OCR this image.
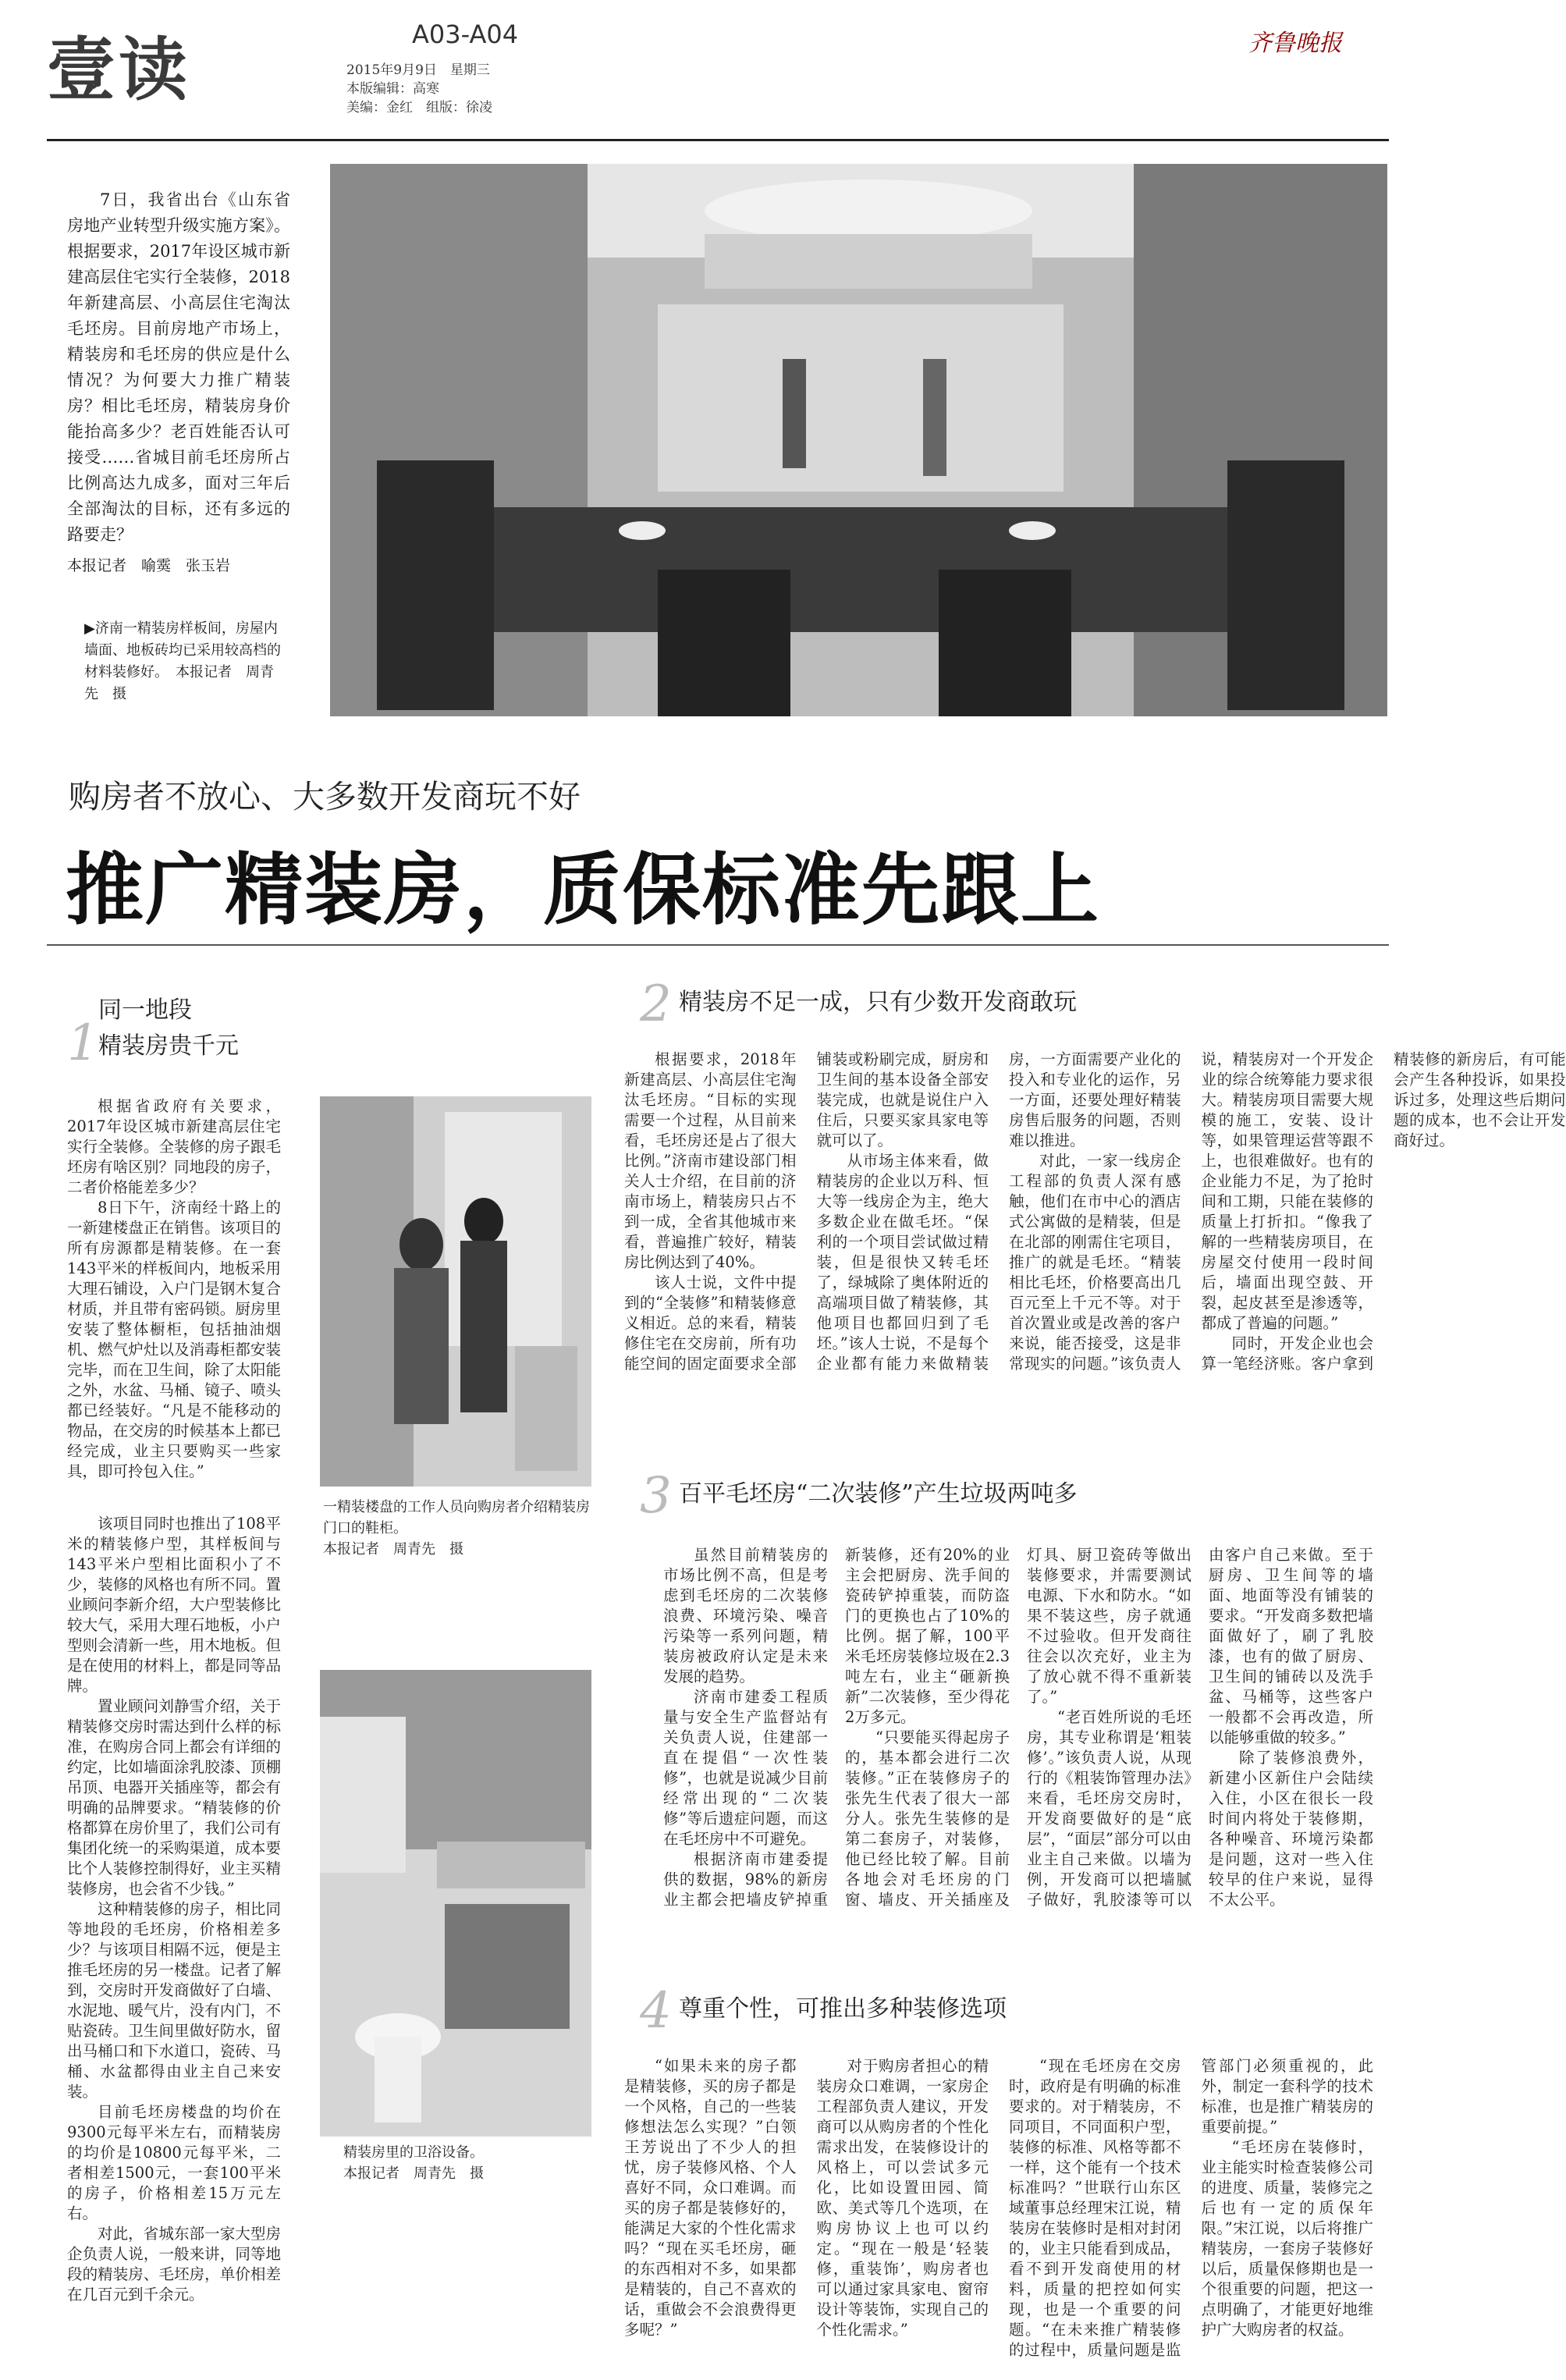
壹读	A03-A04
2015年9月9日　星期三
本版编辑：高寒
美编：金红　组版：徐凌
齐鲁晚报
7日，我省出台《山东省房地产业转型升级实施方案》。根据要求，2017年设区城市新建高层住宅实行全装修，2018年新建高层、小高层住宅淘汰毛坯房。目前房地产市场上，精装房和毛坯房的供应是什么情况？为何要大力推广精装房？相比毛坯房，精装房身价能抬高多少？老百姓能否认可接受……省城目前毛坯房所占比例高达九成多，面对三年后全部淘汰的目标，还有多远的路要走？
本报记者　喻霙　张玉岩
▶济南一精装房样板间，房屋内墙面、地板砖均已采用较高档的材料装修好。　本报记者　周青先　摄
购房者不放心、大多数开发商玩不好
推广精装房，质保标准先跟上
1
同一地段
精装房贵千元

根据省政府有关要求，2017年设区城市新建高层住宅实行全装修。全装修的房子跟毛坯房有啥区别？同地段的房子，二者价格能差多少？

8日下午，济南经十路上的一新建楼盘正在销售。该项目的所有房源都是精装修。在一套143平米的样板间内，地板采用大理石铺设，入户门是钢木复合材质，并且带有密码锁。厨房里安装了整体橱柜，包括抽油烟机、燃气炉灶以及消毒柜都安装完毕，而在卫生间，除了太阳能之外，水盆、马桶、镜子、喷头都已经装好。“凡是不能移动的物品，在交房的时候基本上都已经完成，业主只要购买一些家具，即可拎包入住。”

该项目同时也推出了108平米的精装修户型，其样板间与143平米户型相比面积小了不少，装修的风格也有所不同。置业顾问李新介绍，大户型装修比较大气，采用大理石地板，小户型则会清新一些，用木地板。但是在使用的材料上，都是同等品牌。

置业顾问刘静雪介绍，关于精装修交房时需达到什么样的标准，在购房合同上都会有详细的约定，比如墙面涂乳胶漆、顶棚吊顶、电器开关插座等，都会有明确的品牌要求。“精装修的价格都算在房价里了，我们公司有集团化统一的采购渠道，成本要比个人装修控制得好，业主买精装修房，也会省不少钱。”

这种精装修的房子，相比同等地段的毛坯房，价格相差多少？与该项目相隔不远，便是主推毛坯房的另一楼盘。记者了解到，交房时开发商做好了白墙、水泥地、暖气片，没有内门，不贴瓷砖。卫生间里做好防水，留出马桶口和下水道口，瓷砖、马桶、水盆都得由业主自己来安装。

目前毛坯房楼盘的均价在9300元每平米左右，而精装房的均价是10800元每平米，二者相差1500元，一套100平米的房子，价格相差15万元左右。

对此，省城东部一家大型房企负责人说，一般来讲，同等地段的精装房、毛坯房，单价相差在几百元到千余元。

一精装楼盘的工作人员向购房者介绍精装房门口的鞋柜。
本报记者　周青先　摄
精装房里的卫浴设备。
本报记者　周青先　摄
2 精装房不足一成，只有少数开发商敢玩

根据要求，2018年新建高层、小高层住宅淘汰毛坯房。“目标的实现需要一个过程，从目前来看，毛坯房还是占了很大比例。”济南市建设部门相关人士介绍，在目前的济南市场上，精装房只占不到一成，全省其他城市来看，普遍推广较好，精装房比例达到了40%。

该人士说，文件中提到的“全装修”和精装修意义相近。总的来看，精装修住宅在交房前，所有功能空间的固定面要求全部铺装或粉刷完成，厨房和卫生间的基本设备全部安装完成，也就是说住户入住后，只要买家具家电等就可以了。

从市场主体来看，做精装房的企业以万科、恒大等一线房企为主，绝大多数企业在做毛坯。“保利的一个项目尝试做过精装，但是很快又转毛坯了，绿城除了奥体附近的高端项目做了精装修，其他项目也都回归到了毛坯。”该人士说，不是每个企业都有能力来做精装房，一方面需要产业化的投入和专业化的运作，另一方面，还要处理好精装房售后服务的问题，否则难以推进。

对此，一家一线房企工程部的负责人深有感触，他们在市中心的酒店式公寓做的是精装，但是在北部的刚需住宅项目，推广的就是毛坯。“精装相比毛坯，价格要高出几百元至上千元不等。对于首次置业或是改善的客户来说，能否接受，这是非常现实的问题。”该负责人说，精装房对一个开发企业的综合统筹能力要求很大。精装房项目需要大规模的施工，安装、设计等，如果管理运营等跟不上，也很难做好。也有的企业能力不足，为了抢时间和工期，只能在装修的质量上打折扣。“像我了解的一些精装房项目，在房屋交付使用一段时间后，墙面出现空鼓、开裂，起皮甚至是渗透等，都成了普遍的问题。”

同时，开发企业也会算一笔经济账。客户拿到精装修的新房后，有可能会产生各种投诉，如果投诉过多，处理这些后期问题的成本，也不会让开发商好过。

3 百平毛坯房“二次装修”产生垃圾两吨多

虽然目前精装房的市场比例不高，但是考虑到毛坯房的二次装修浪费、环境污染、噪音污染等一系列问题，精装房被政府认定是未来发展的趋势。

济南市建委工程质量与安全生产监督站有关负责人说，住建部一直在提倡“一次性装修”，也就是说减少目前经常出现的“二次装修”等后遗症问题，而这在毛坯房中不可避免。

根据济南市建委提供的数据，98%的新房业主都会把墙皮铲掉重新装修，还有20%的业主会把厨房、洗手间的瓷砖铲掉重装，而防盗门的更换也占了10%的比例。据了解，100平米毛坯房装修垃圾在2.3吨左右，业主“砸新换新”二次装修，至少得花2万多元。

“只要能买得起房子的，基本都会进行二次装修。”正在装修房子的张先生代表了很大一部分人。张先生装修的是第二套房子，对装修，他已经比较了解。目前各地会对毛坯房的门窗、墙皮、开关插座及灯具、厨卫瓷砖等做出装修要求，并需要测试电源、下水和防水。“如果不装这些，房子就通不过验收。但开发商往往会以次充好，业主为了放心就不得不重新装了。”

“老百姓所说的毛坯房，其专业称谓是‘粗装修’。”该负责人说，从现行的《粗装饰管理办法》来看，毛坯房交房时，开发商要做好的是“底层”，“面层”部分可以由业主自己来做。以墙为例，开发商可以把墙腻子做好，乳胶漆等可以由客户自己来做。至于厨房、卫生间等的墙面、地面等没有铺装的要求。“开发商多数把墙面做好了，刷了乳胶漆，也有的做了厨房、卫生间的铺砖以及洗手盆、马桶等，这些客户一般都不会再改造，所以能够重做的较多。”

除了装修浪费外，新建小区新住户会陆续入住，小区在很长一段时间内将处于装修期，各种噪音、环境污染都是问题，这对一些入住较早的住户来说，显得不太公平。

4 尊重个性，可推出多种装修选项

“如果未来的房子都是精装修，买的房子都是一个风格，自己的一些装修想法怎么实现？”白领王芳说出了不少人的担忧，房子装修风格、个人喜好不同，众口难调。而买的房子都是装修好的，能满足大家的个性化需求吗？“现在买毛坯房，砸的东西相对不多，如果都是精装的，自己不喜欢的话，重做会不会浪费得更多呢？”

对于购房者担心的精装房众口难调，一家房企工程部负责人建议，开发商可以从购房者的个性化需求出发，在装修设计的风格上，可以尝试多元化，比如设置田园、简欧、美式等几个选项，在购房协议上也可以约定。“现在一般是‘轻装修，重装饰’，购房者也可以通过家具家电、窗帘设计等装饰，实现自己的个性化需求。”

“现在毛坯房在交房时，政府是有明确的标准要求的。对于精装房，不同项目，不同面积户型，装修的标准、风格等都不一样，这个能有一个技术标准吗？”世联行山东区域董事总经理宋江说，精装房在装修时是相对封闭的，业主只能看到成品，看不到开发商使用的材料，质量的把控如何实现，也是一个重要的问题。“在未来推广精装修的过程中，质量问题是监管部门必须重视的，此外，制定一套科学的技术标准，也是推广精装房的重要前提。”

“毛坯房在装修时，业主能实时检查装修公司的进度、质量，装修完之后也有一定的质保年限。”宋江说，以后将推广精装房，一套房子装修好以后，质量保修期也是一个很重要的问题，把这一点明确了，才能更好地维护广大购房者的权益。
